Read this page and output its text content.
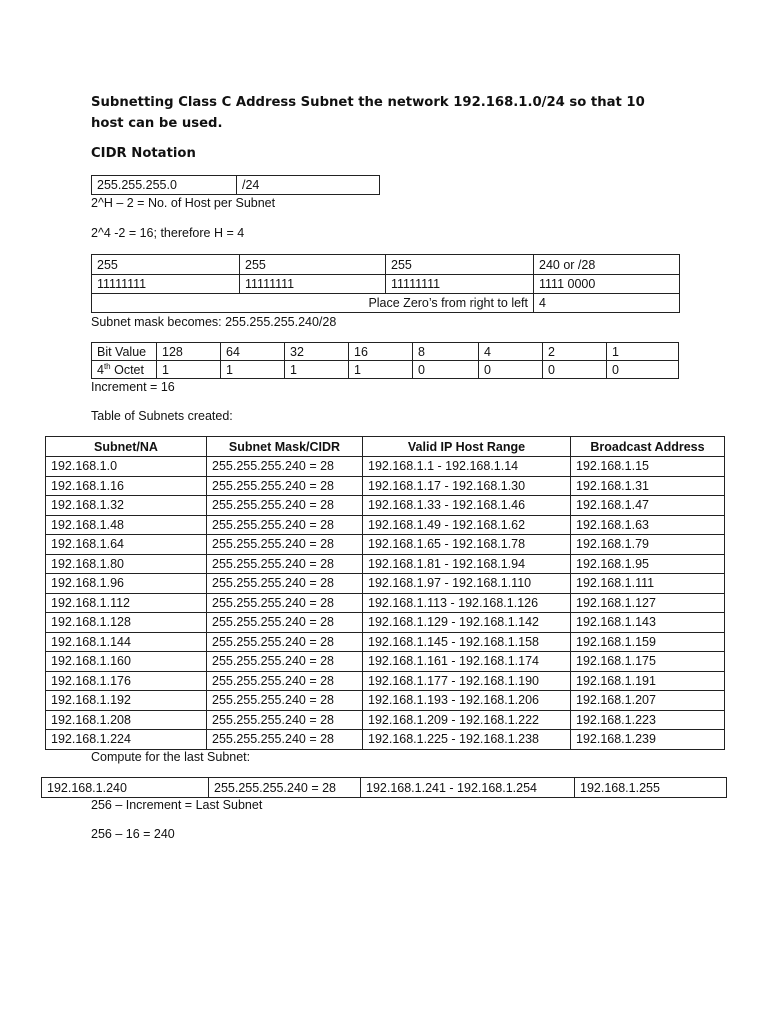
Subnetting Class C Address Subnet the network 192.168.1.0/24 so that 10
host can be used.
CIDR Notation
255.255.255.0	/24
2^H – 2 = No. of Host per Subnet
2^4 -2 = 16; therefore H = 4
255	255	255	240 or /28
11111111	11111111	11111111	1111 0000
Place Zero’s from right to left			4
Subnet mask becomes: 255.255.255.240/28
Bit Value	128	64	32	16	8	4	2	1
4th Octet	1	1	1	1	0	0	0	0
Increment = 16
Table of Subnets created:
Subnet/NA	Subnet Mask/CIDR	Valid IP Host Range	Broadcast Address
192.168.1.0	255.255.255.240 = 28	192.168.1.1 - 192.168.1.14	192.168.1.15
192.168.1.16	255.255.255.240 = 28	192.168.1.17 - 192.168.1.30	192.168.1.31
192.168.1.32	255.255.255.240 = 28	192.168.1.33 - 192.168.1.46	192.168.1.47
192.168.1.48	255.255.255.240 = 28	192.168.1.49 - 192.168.1.62	192.168.1.63
192.168.1.64	255.255.255.240 = 28	192.168.1.65 - 192.168.1.78	192.168.1.79
192.168.1.80	255.255.255.240 = 28	192.168.1.81 - 192.168.1.94	192.168.1.95
192.168.1.96	255.255.255.240 = 28	192.168.1.97 - 192.168.1.110	192.168.1.111
192.168.1.112	255.255.255.240 = 28	192.168.1.113 - 192.168.1.126	192.168.1.127
192.168.1.128	255.255.255.240 = 28	192.168.1.129 - 192.168.1.142	192.168.1.143
192.168.1.144	255.255.255.240 = 28	192.168.1.145 - 192.168.1.158	192.168.1.159
192.168.1.160	255.255.255.240 = 28	192.168.1.161 - 192.168.1.174	192.168.1.175
192.168.1.176	255.255.255.240 = 28	192.168.1.177 - 192.168.1.190	192.168.1.191
192.168.1.192	255.255.255.240 = 28	192.168.1.193 - 192.168.1.206	192.168.1.207
192.168.1.208	255.255.255.240 = 28	192.168.1.209 - 192.168.1.222	192.168.1.223
192.168.1.224	255.255.255.240 = 28	192.168.1.225 - 192.168.1.238	192.168.1.239
Compute for the last Subnet:
192.168.1.240	255.255.255.240 = 28	192.168.1.241 - 192.168.1.254	192.168.1.255
256 – Increment = Last Subnet
256 – 16 = 240
